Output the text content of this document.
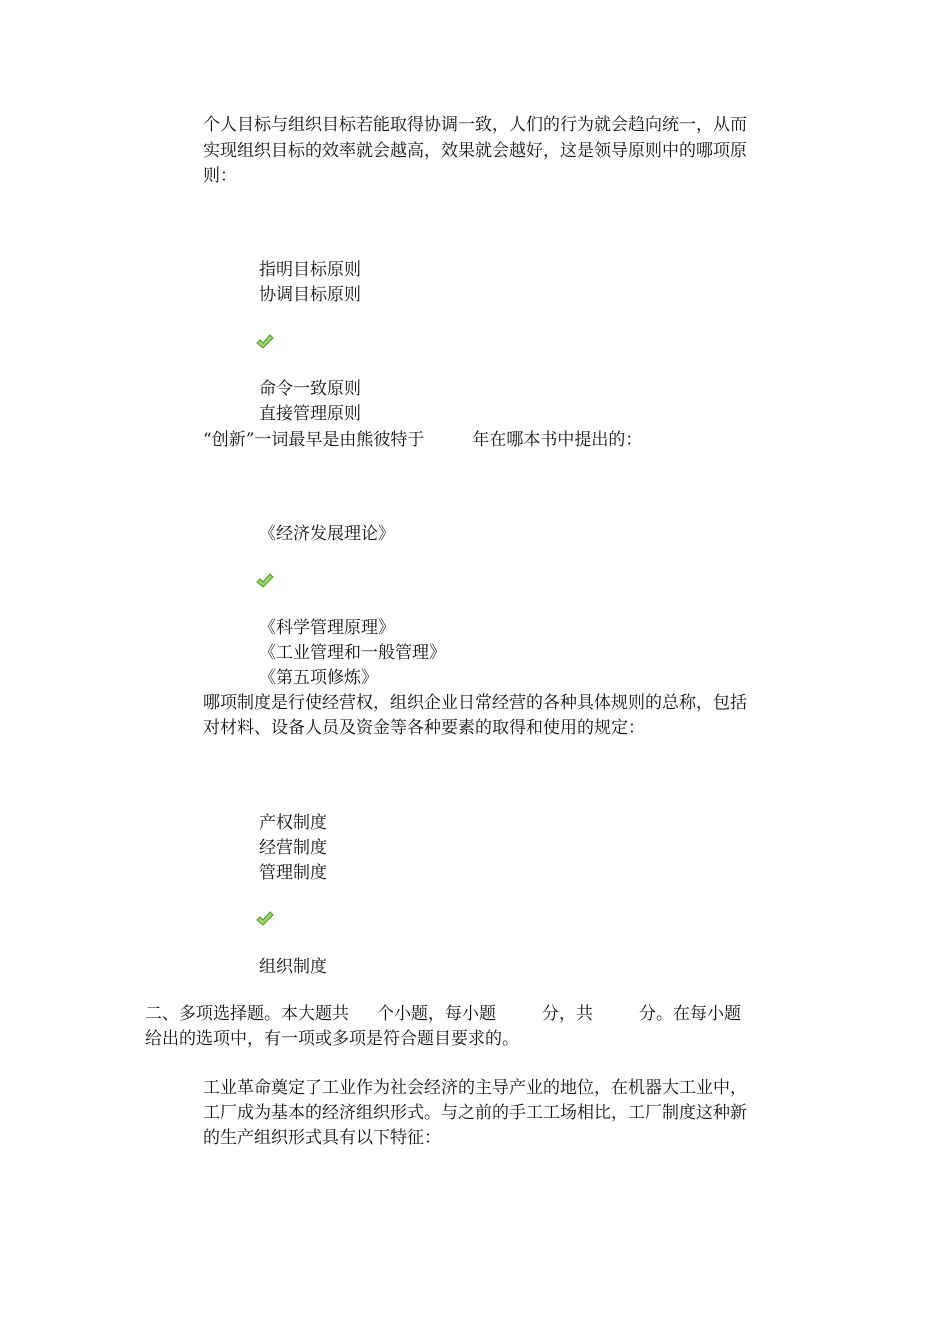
个人目标与组织目标若能取得协调一致，人们的行为就会趋向统一，从而
实现组织目标的效率就会越高，效果就会越好，这是领导原则中的哪项原
则：
指明目标原则
协调目标原则
命令一致原则
直接管理原则
“创新”一词最早是由熊彼特于	年在哪本书中提出的：
《经济发展理论》
《科学管理原理》
《工业管理和一般管理》
《第五项修炼》
哪项制度是行使经营权，组织企业日常经营的各种具体规则的总称，包括
对材料、设备人员及资金等各种要素的取得和使用的规定：
产权制度
经营制度
管理制度
组织制度
二、多项选择题。本大题共 个小题，每小题	分，共	分。在每小题
给出的选项中，有一项或多项是符合题目要求的。
工业革命奠定了工业作为社会经济的主导产业的地位，在机器大工业中，
工厂成为基本的经济组织形式。与之前的手工工场相比，工厂制度这种新
的生产组织形式具有以下特征：
